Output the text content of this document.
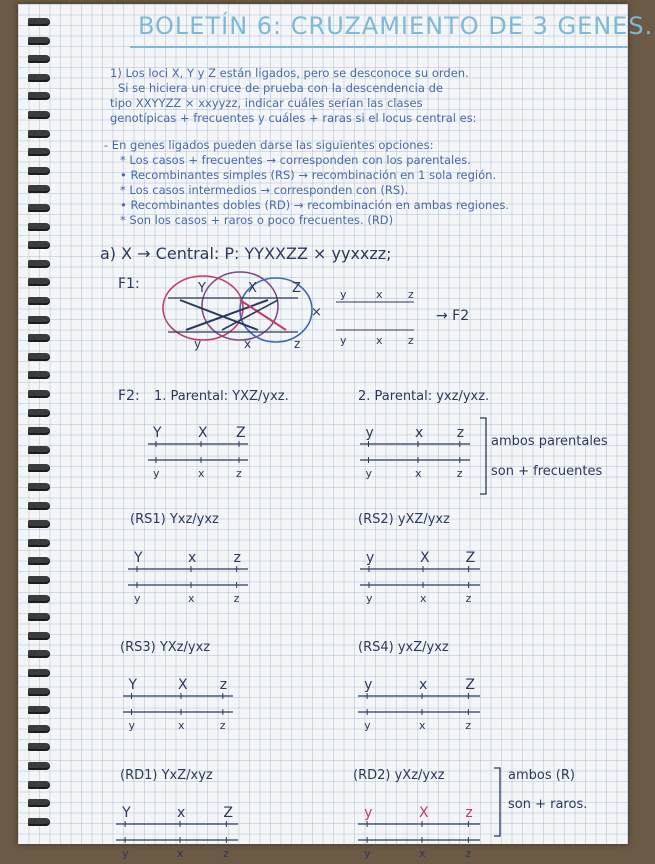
BOLETÍN 6: CRUZAMIENTO DE 3 GENES.
1) Los loci X, Y y Z están ligados, pero se desconoce su orden.
Si se hiciera un cruce de prueba con la descendencia de
tipo XXYYZZ × xxyyzz, indicar cuáles serían las clases
genotípicas + frecuentes y cuáles + raras si el locus central es:
- En genes ligados pueden darse las siguientes opciones:
* Los casos + frecuentes → corresponden con los parentales.
• Recombinantes simples (RS) → recombinación en 1 sola región.
* Los casos intermedios → corresponden con (RS).
• Recombinantes dobles (RD) → recombinación en ambas regiones.
* Son los casos + raros o poco frecuentes. (RD)
a) X → Central: P: YYXXZZ × yyxxzz;
F1:	Y	X	Z
y	x	z
×
y	x z
y	x z
→ F2
F2: 1. Parental: YXZ/yxz.	2. Parental: yxz/yxz.
ambos parentales
son + frecuentes
(RS1) Yxz/yxz	(RS2) yXZ/yxz
(RS3) YXz/yxz	(RS4) yxZ/yxz
(RD1) YxZ/xyz	(RD2) yXz/yxz	ambos (R)
son + raros.
Y
y
X
x
Z
z
y
y
x
x
z
z
Y
y
x
x
z
z
y
y
X
x
Z
z
Y
y
X
x
z
z
y
y
x
x
Z
z
Y
y
x
x
Z
z
y
y
X
x
z
z
